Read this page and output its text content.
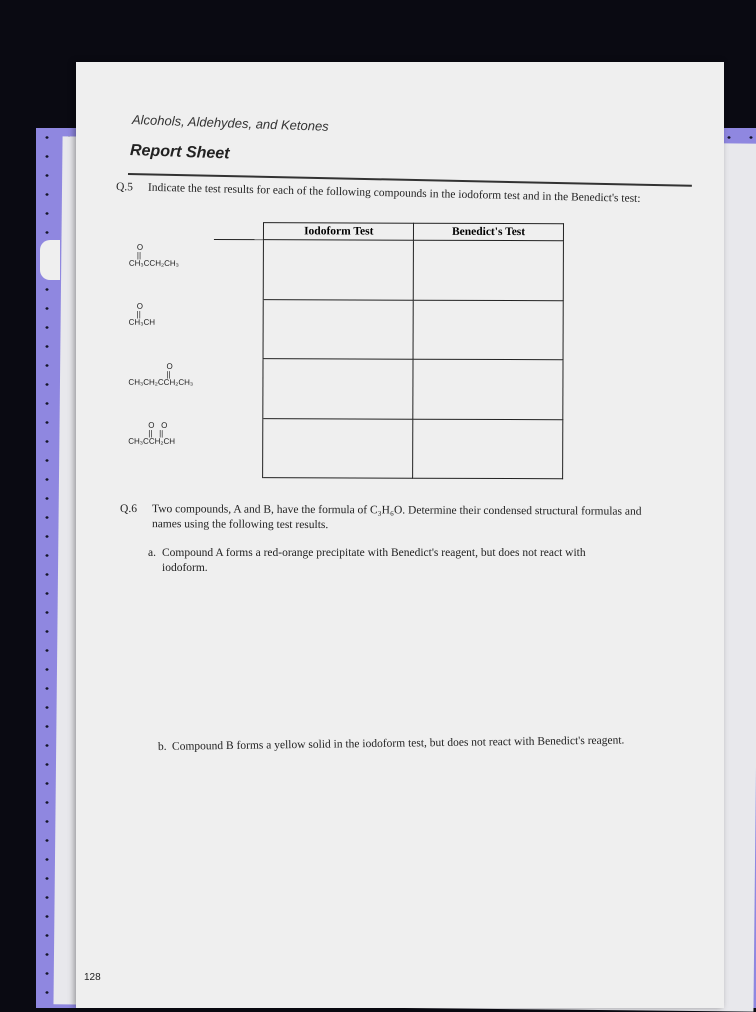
Alcohols, Aldehydes, and Ketones
Report Sheet
Q.5 Indicate the test results for each of the following compounds in the iodoform test and in the Benedict's test:
	Iodoform Test	Benedict's Test

O
||
CH₃CCH₂CH₃		

O
||
CH₃CH		

O
||
CH₃CH₂CCH₂CH₃		

O   O
||   ||
CH₃CCH₂CH		

Q.6 Two compounds, A and B, have the formula of C₃H₆O. Determine their condensed structural formulas and names using the following test results.
a. Compound A forms a red-orange precipitate with Benedict's reagent, but does not react with iodoform.
b. Compound B forms a yellow solid in the iodoform test, but does not react with Benedict's reagent.
128
